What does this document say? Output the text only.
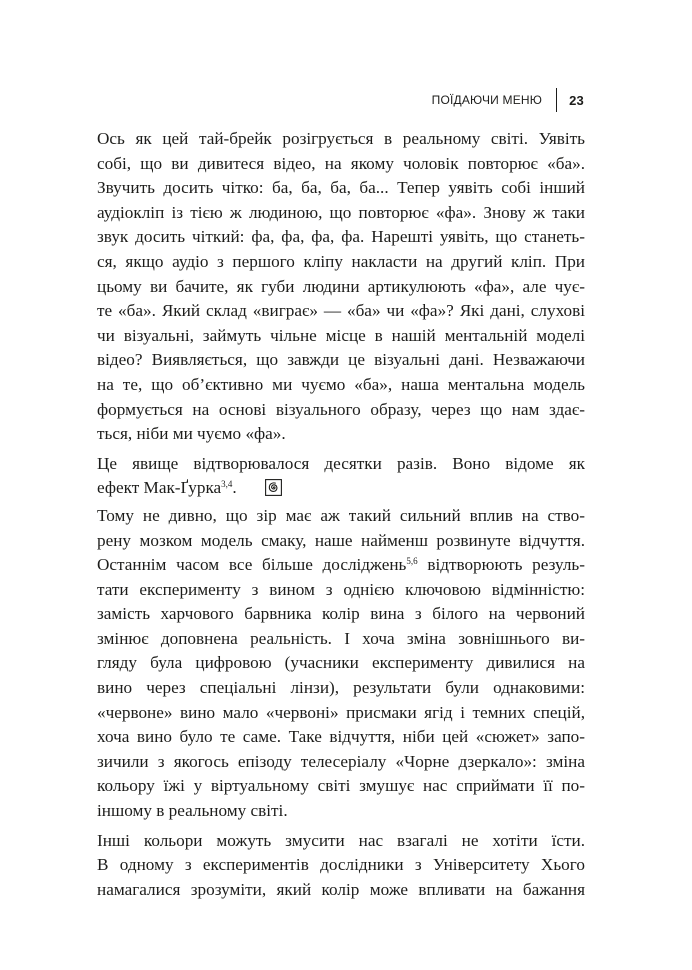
ПОЇДАЮЧИ МЕНЮ 23

Ось як цей тай-брейк розігрується в реальному світі. Уявіть
собі, що ви дивитеся відео, на якому чоловік повторює «ба».
Звучить досить чітко: ба, ба, ба, ба... Тепер уявіть собі інший
аудіокліп із тією ж людиною, що повторює «фа». Знову ж таки
звук досить чіткий: фа, фа, фа, фа. Нарешті уявіть, що станеть-
ся, якщо аудіо з першого кліпу накласти на другий кліп. При
цьому ви бачите, як губи людини артикулюють «фа», але чує-
те «ба». Який склад «виграє» — «ба» чи «фа»? Які дані, слухові
чи візуальні, займуть чільне місце в нашій ментальній моделі
відео? Виявляється, що завжди це візуальні дані. Незважаючи
на те, що об’єктивно ми чуємо «ба», наша ментальна модель
формується на основі візуального образу, через що нам здає-
ться, ніби ми чуємо «фа».

Це явище відтворювалося десятки разів. Воно відоме як
ефект Мак-Ґурка$^{3,4}$.

Тому не дивно, що зір має аж такий сильний вплив на ство-
рену мозком модель смаку, наше найменш розвинуте відчуття.
Останнім часом все більше досліджень$^{5,6}$ відтворюють резуль-
тати експерименту з вином з однією ключовою відмінністю:
замість харчового барвника колір вина з білого на червоний
змінює доповнена реальність. І хоча зміна зовнішнього ви-
гляду була цифровою (учасники експерименту дивилися на
вино через спеціальні лінзи), результати були однаковими:
«червоне» вино мало «червоні» присмаки ягід і темних спецій,
хоча вино було те саме. Таке відчуття, ніби цей «сюжет» запо-
зичили з якогось епізоду телесеріалу «Чорне дзеркало»: зміна
кольору їжі у віртуальному світі змушує нас сприймати її по-
іншому в реальному світі.

Інші кольори можуть змусити нас взагалі не хотіти їсти.
В одному з експериментів дослідники з Університету Хього
намагалися зрозуміти, який колір може впливати на бажання
